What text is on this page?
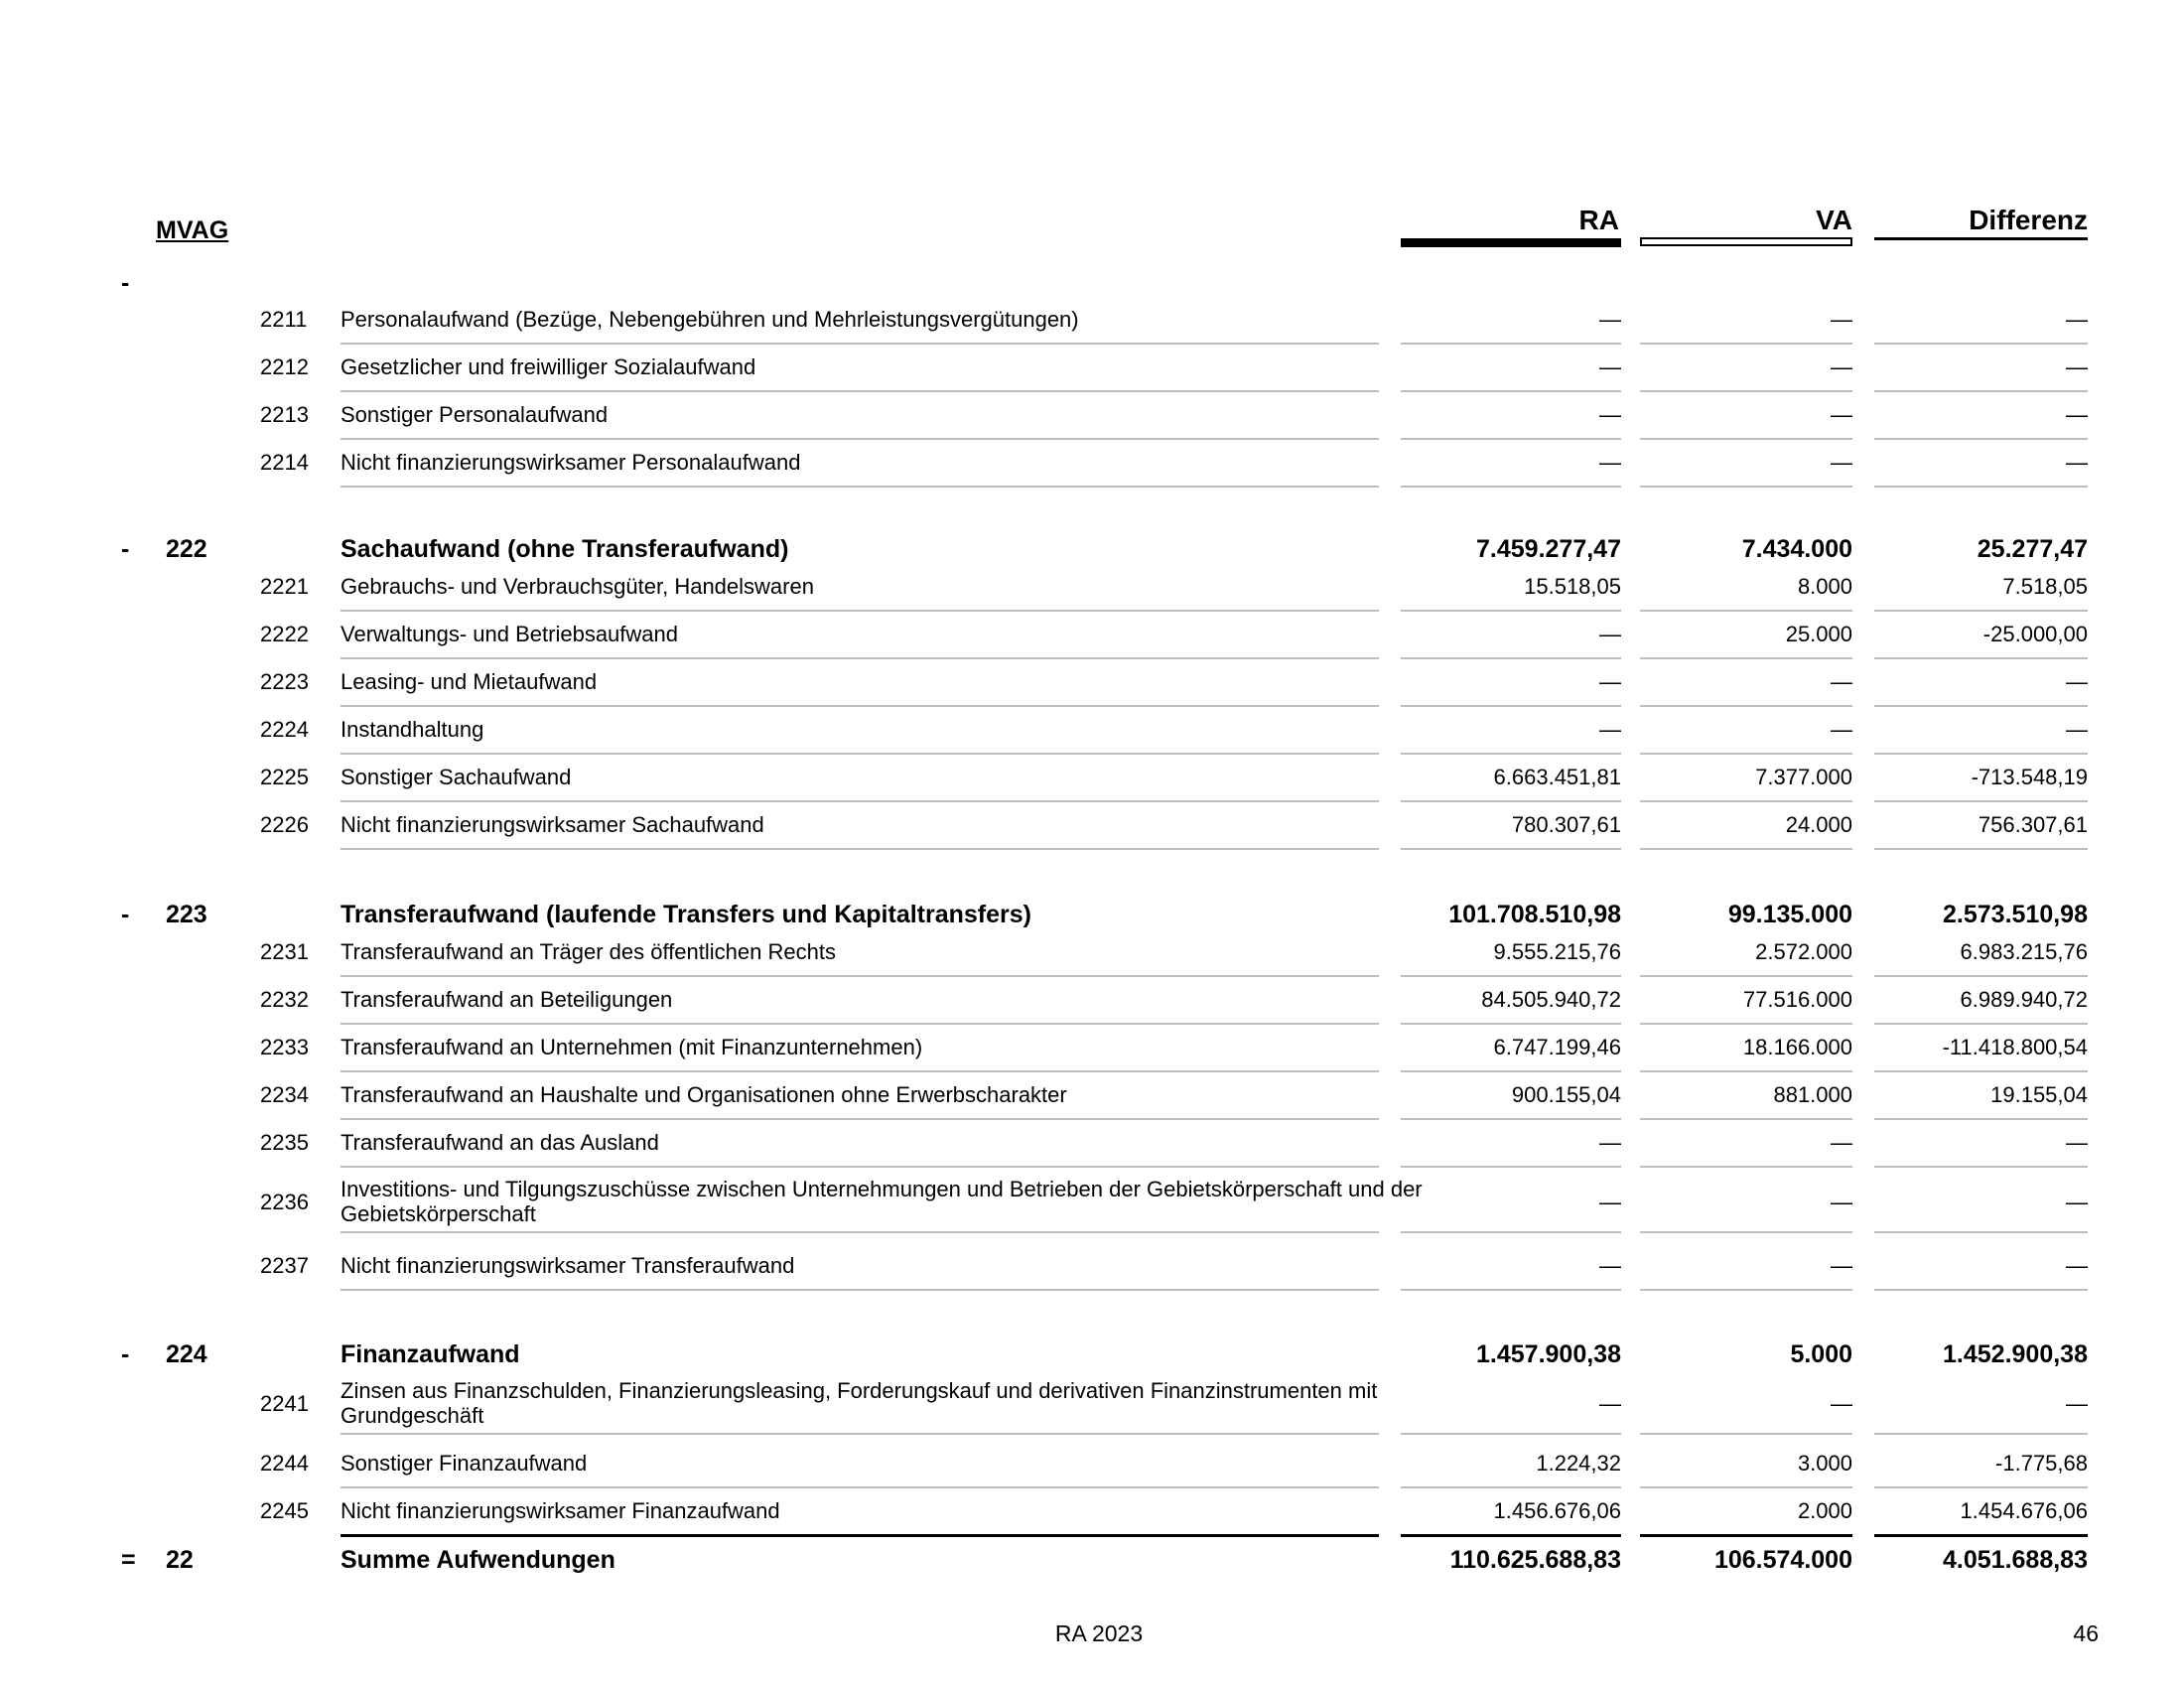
MVAG	RA	VA	Differenz
-
2211 Personalaufwand (Bezüge, Nebengebühren und Mehrleistungsvergütungen)	—	—	—
2212 Gesetzlicher und freiwilliger Sozialaufwand	—	—	—
2213 Sonstiger Personalaufwand	—	—	—
2214 Nicht finanzierungswirksamer Personalaufwand	—	—	—
- 222	Sachaufwand (ohne Transferaufwand)	7.459.277,47	7.434.000	25.277,47
2221 Gebrauchs- und Verbrauchsgüter, Handelswaren	15.518,05	8.000	7.518,05
2222 Verwaltungs- und Betriebsaufwand	—	25.000	-25.000,00
2223 Leasing- und Mietaufwand	—	—	—
2224 Instandhaltung	—	—	—
2225 Sonstiger Sachaufwand	6.663.451,81	7.377.000	-713.548,19
2226 Nicht finanzierungswirksamer Sachaufwand	780.307,61	24.000	756.307,61
- 223	Transferaufwand (laufende Transfers und Kapitaltransfers)	101.708.510,98	99.135.000	2.573.510,98
2231 Transferaufwand an Träger des öffentlichen Rechts	9.555.215,76	2.572.000	6.983.215,76
2232 Transferaufwand an Beteiligungen	84.505.940,72	77.516.000	6.989.940,72
2233 Transferaufwand an Unternehmen (mit Finanzunternehmen)	6.747.199,46	18.166.000	-11.418.800,54
2234 Transferaufwand an Haushalte und Organisationen ohne Erwerbscharakter	900.155,04	881.000	19.155,04
2235 Transferaufwand an das Ausland	—	—	—
2236
Investitions- und Tilgungszuschüsse zwischen Unternehmungen und Betrieben der Gebietskörperschaft und der Gebietskörperschaft	—	—	—
2237 Nicht finanzierungswirksamer Transferaufwand	—	—	—
- 224	Finanzaufwand	1.457.900,38	5.000	1.452.900,38
2241
Zinsen aus Finanzschulden, Finanzierungsleasing, Forderungskauf und derivativen Finanzinstrumenten mit Grundgeschäft	—	—	—
2244 Sonstiger Finanzaufwand	1.224,32	3.000	-1.775,68
2245 Nicht finanzierungswirksamer Finanzaufwand	1.456.676,06	2.000	1.454.676,06
= 22	Summe Aufwendungen	110.625.688,83	106.574.000	4.051.688,83
RA 2023	46
